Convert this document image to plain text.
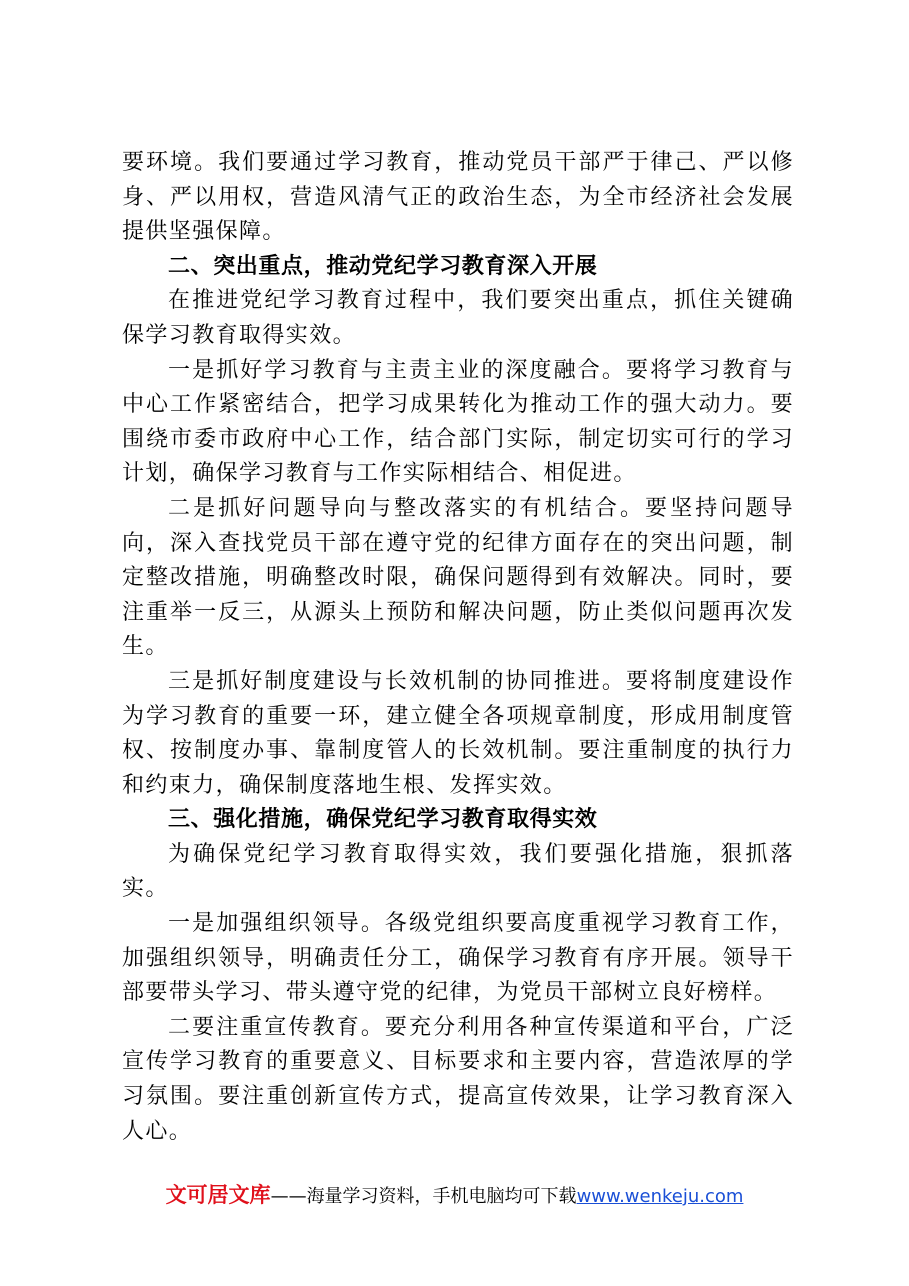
要环境。我们要通过学习教育，推动党员干部严于律己、严以修身、严以用权，营造风清气正的政治生态，为全市经济社会发展提供坚强保障。

二、突出重点，推动党纪学习教育深入开展

在推进党纪学习教育过程中，我们要突出重点，抓住关键确保学习教育取得实效。

一是抓好学习教育与主责主业的深度融合。要将学习教育与中心工作紧密结合，把学习成果转化为推动工作的强大动力。要围绕市委市政府中心工作，结合部门实际，制定切实可行的学习计划，确保学习教育与工作实际相结合、相促进。

二是抓好问题导向与整改落实的有机结合。要坚持问题导向，深入查找党员干部在遵守党的纪律方面存在的突出问题，制定整改措施，明确整改时限，确保问题得到有效解决。同时，要注重举一反三，从源头上预防和解决问题，防止类似问题再次发生。

三是抓好制度建设与长效机制的协同推进。要将制度建设作为学习教育的重要一环，建立健全各项规章制度，形成用制度管权、按制度办事、靠制度管人的长效机制。要注重制度的执行力和约束力，确保制度落地生根、发挥实效。

三、强化措施，确保党纪学习教育取得实效

为确保党纪学习教育取得实效，我们要强化措施，狠抓落实。

一是加强组织领导。各级党组织要高度重视学习教育工作，加强组织领导，明确责任分工，确保学习教育有序开展。领导干部要带头学习、带头遵守党的纪律，为党员干部树立良好榜样。

二要注重宣传教育。要充分利用各种宣传渠道和平台，广泛宣传学习教育的重要意义、目标要求和主要内容，营造浓厚的学习氛围。要注重创新宣传方式，提高宣传效果，让学习教育深入人心。

文可居文库——海量学习资料，手机电脑均可下载www.wenkeju.com
